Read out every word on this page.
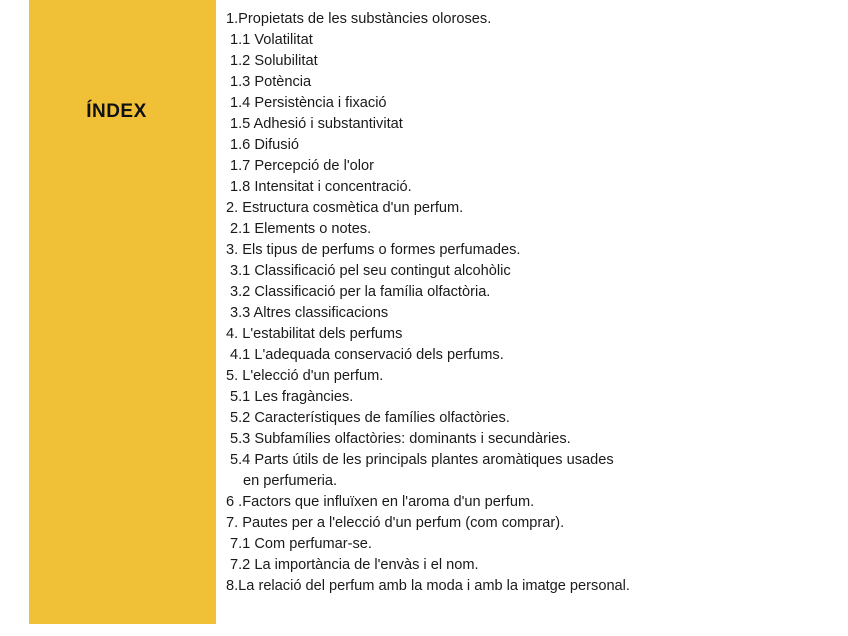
ÍNDEX
1.Propietats de les substàncies oloroses.
1.1 Volatilitat
1.2 Solubilitat
1.3 Potència
1.4 Persistència i fixació
1.5 Adhesió i substantivitat
1.6 Difusió
1.7 Percepció de l'olor
1.8 Intensitat i concentració.
2. Estructura cosmètica d'un perfum.
2.1 Elements o notes.
3. Els tipus de perfums o formes perfumades.
3.1 Classificació pel seu contingut alcohòlic
3.2 Classificació per la família olfactòria.
3.3 Altres classificacions
4. L'estabilitat dels perfums
4.1 L'adequada conservació dels perfums.
5. L'elecció d'un perfum.
5.1 Les fragàncies.
5.2 Característiques de famílies olfactòries.
5.3 Subfamílies olfactòries: dominants i secundàries.
5.4 Parts útils de les principals plantes aromàtiques usades
en perfumeria.
6 .Factors que influïxen en l'aroma d'un perfum.
7. Pautes per a l'elecció d'un perfum (com comprar).
7.1 Com perfumar-se.
7.2 La importància de l'envàs i el nom.
8.La relació del perfum amb la moda i amb la imatge personal.
